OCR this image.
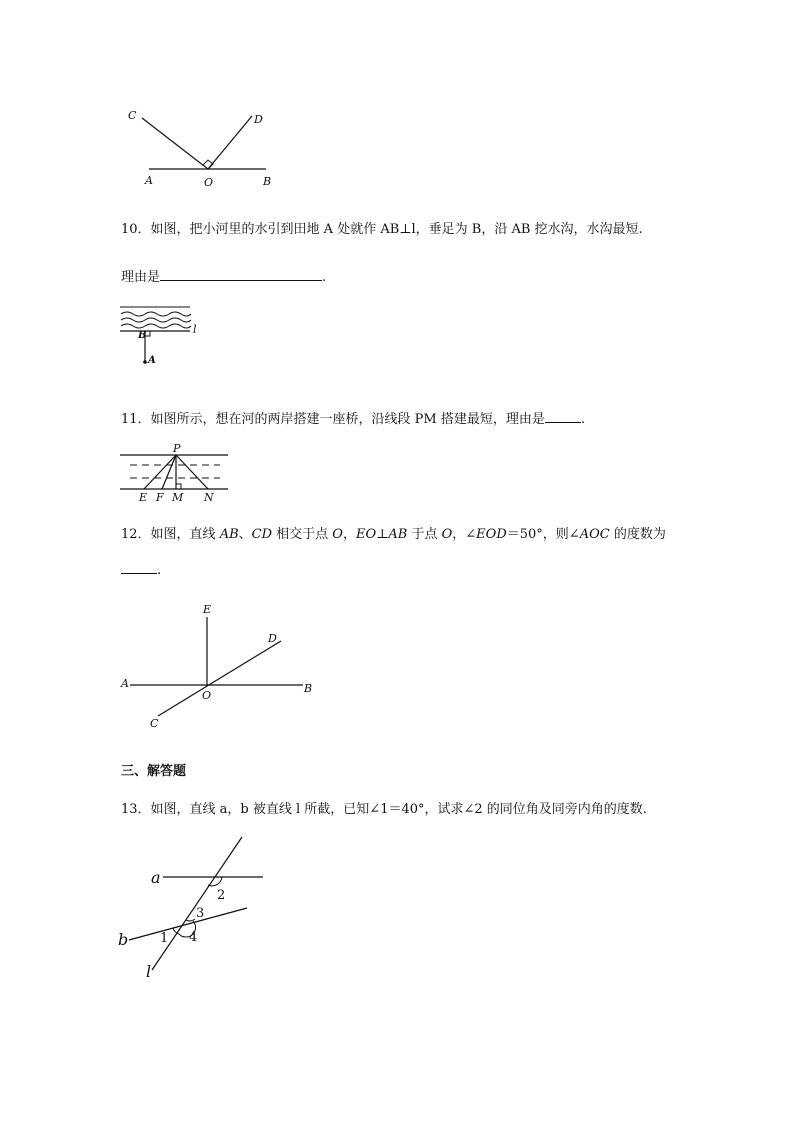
C	D
A	O	B
10．如图，把小河里的水引到田地 A 处就作 AB⊥l，垂足为 B，沿 AB 挖水沟，水沟最短.
理由是	.
l
B
A
11．如图所示，想在河的两岸搭建一座桥，沿线段 PM 搭建最短，理由是	.
P
E F M N
12．如图，直线 AB、CD 相交于点 O，EO⊥AB 于点 O，∠EOD＝50°，则∠AOC 的度数为
.
E
D
A
O
B
C
三、解答题
13．如图，直线 a，b 被直线 l 所截，已知∠1＝40°，试求∠2 的同位角及同旁内角的度数.
a
b
l
2
3
1 4
